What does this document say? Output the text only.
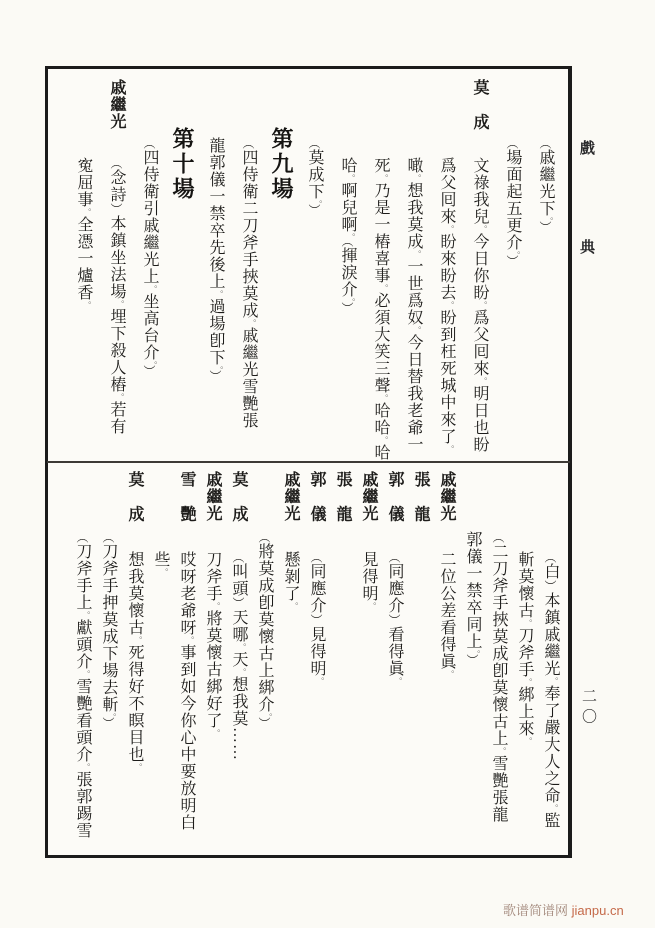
戲典
二〇
（戚繼光下。）
（場面起五更介。）
莫成
文祿我兒。今日你盼。爲父囘來。明日也盼
爲父囘來。盼來盼去。盼到枉死城中來了。
噉。想我莫成。一世爲奴。今日替我老爺一
死。乃是一樁喜事。必須大笑三聲。哈哈。哈
哈。啊兒啊。（揮淚介。）
（莫成下。）
第九場
（四侍衛二刀斧手挾莫成。戚繼光雪艷張
龍郭儀一禁卒先後上。過場卽下。）
第十場
（四侍衛引戚繼光上。坐高台介。）
戚繼光
（念詩）本鎮坐法場。埋下殺人樁。若有
寃屈事。全憑一爐香。
（白）本鎮戚繼光。奉了嚴大人之命。監
斬莫懷古。刀斧手。綁上來。
（二刀斧手挾莫成卽莫懷古上。雪艷張龍
郭儀一禁卒同上。）
戚繼光
二位公差看得眞。
張龍
郭儀
（同應介）看得眞。
戚繼光
見得明。
張龍
郭儀
（同應介）見得明。
戚繼光
懸剝了。
（將莫成卽莫懷古上綁介。）
莫成
（叫頭）天哪。天。想我莫……
戚繼光
刀斧手。將莫懷古綁好了。
雪艷
哎呀老爺呀。事到如今你心中要放明白
些。
莫成
想我莫懷古。死得好不瞑目也。
（刀斧手押莫成下場去斬。）
（刀斧手上。獻頭介。雪艷看頭介。張郭踢雪
歌谱简谱网 jianpu.cn
